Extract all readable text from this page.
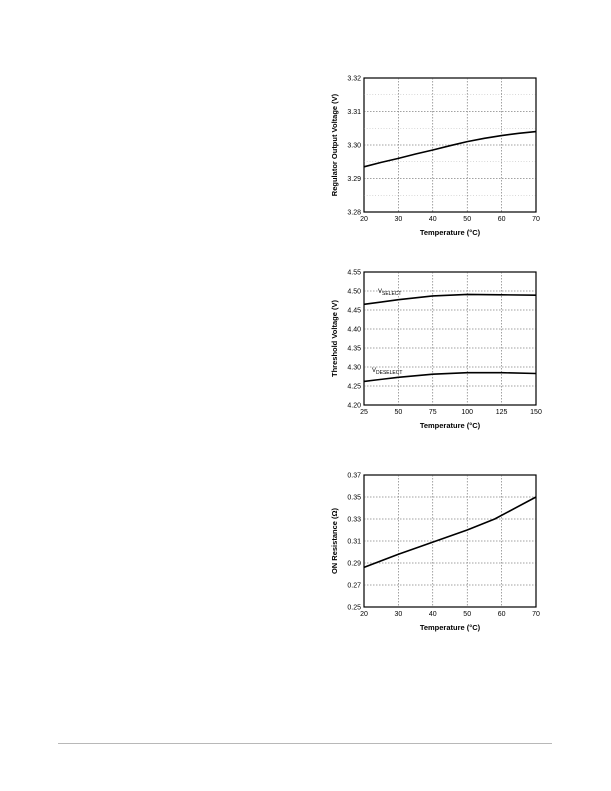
20	30	40	50	60	70
3.28
3.29
3.30
3.31
3.32
Temperature (°C)
Regulator Output Voltage (V)
25	50	75	100	125	150
4.20
4.25
4.30
4.35
4.40
4.45
4.50
4.55
$V_{SELECT}$
$V_{DESELECT}$
Temperature (°C)
Threshold Voltage (V)
20	30	40	50	60	70
0.25
0.27
0.29
0.31
0.33
0.35
0.37
Temperature (°C)
ON Resistance (Ω)
